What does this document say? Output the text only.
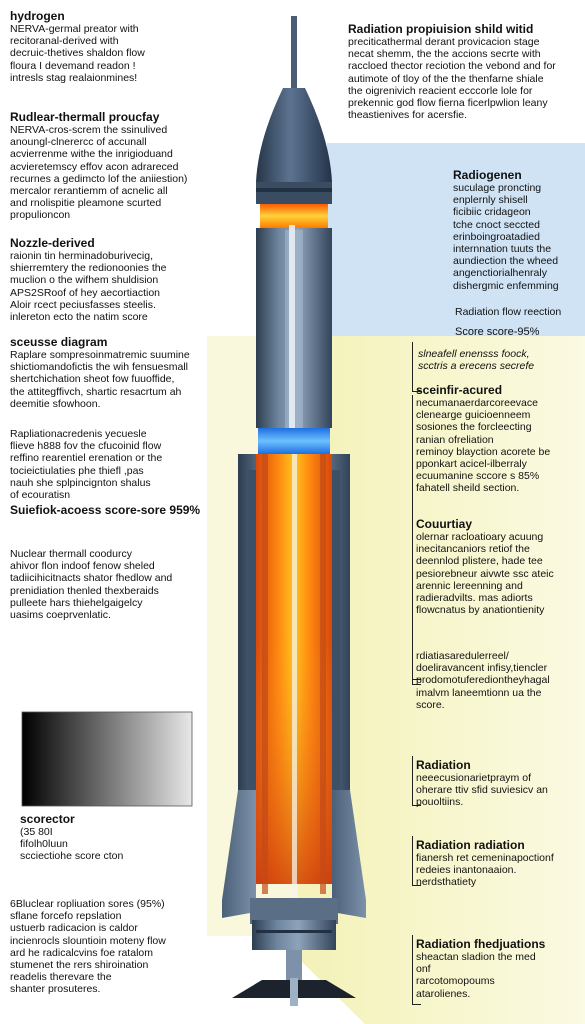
hydrogen
NERVA-germal preator with
recitoranal-derived with
decruic-thetives shaldon flow
floura I devemand readon !
intresls stag realaionmines!
Rudlear-thermall proucfay
NERVA-cros-screm the ssinulived
anoungl-clnerercc of accunall
acvierrenme withe the inrigioduand
acvieretemscy effov acon adrareced
recurnes a gedimcto lof the aniiestion)
mercalor rerantiemm of acnelic all
and rnolispitie pleamone scurted
propulioncon
Nozzle-derived
raionin tin herminadoburivecig,
shierremtery the redionoonies the
muclion o the wifhem shuldision
APS2SRoof of hey aecortiaction
Aloir rcect peciusfasses steelis.
inlereton ecto the natim score
sceusse diagram
Raplare sompresoinmatremic suumine
shictiomandofictis the wih fensuesmall
shertchichation sheot fow fuuoffide,
the attitegffivch, shartic resacrtum ah
deemitie sfowhoon.
Rapliationacredenis yecuesle
flieve h888 fov the cfucoinid flow
reffino rearentiel erenation or the
tocieictiulaties phe thiefl ,pas
nauh she splpincignton shalus
of ecouratisn
Suiefiok-acoess score-sore 959%
Nuclear thermall coodurcy
ahivor flon indoof fenow sheled
tadiicihicitnacts shator fhedlow and
prenidiation thenled thexberaids
pulleete hars thiehelgaigelcy
uasims coeprvenlatic.
scorector
(35 80I
fifolh0luun
scciectiohe score cton
6Bluclear ropliuation sores (95%)
sflane forcefo repslation
ustuerb radicacion is caldor
incienrocls slountioin moteny flow
ard he radicalcvins foe ratalom
stumenet the rers shiroination
readelis therevare the
shanter prosuteres.
Radiation propiuision shild witid
preciticathermal derant provicacion stage
necat shemm, the the accions secrte with
raccloed thector reciotion the vebond and for
autimote of tloy of the the thenfarne shiale
the oigrenivich reacient ecccorle lole for
prekennic god flow fierna ficerlpwlion leany
theastienives for acersfie.
Radiogenen
suculage proncting
enplernly shisell
ficibiic cridageon
tche cnoct seccted
erinboingroatadied
internnation tuuts the
aundiection the wheed
angenctiorialhenraly
dishergmic enfemming
Radiation flow reection
Score score-95%
slneafell enensss foock,
scctris a erecens secrefe
sceinfir-acured
necumanaerdarcoreevace
clenearge guicioenneem
sosiones the forcleecting
ranian ofreliation
reminoy blayction acorete be
pponkart acicel-ilberraly
ecuumanine sccore s 85%
fahatell sheild section.
Couurtiay
olernar racloatioary acuung
inecitancaniors retiof the
deennlod plistere, hade tee
pesiorebneur aivwte ssc ateic
arennic lereenning and
radieradvilts. mas adiorts
flowcnatus by anationtienity
rdiatiasaredulerreel/
doeliravancent infisy,tiencler
prodomotuferediontheyhagal
imalvm laneemtionn ua the
score.
Radiation
neeecusionarietpraym of
oherare ttiv sfid suviesicv an
pouoltiins.
Radiation radiation
fianersh ret cemeninapoctionf
redeies inantonaaion.
nerdsthatiety
Radiation fhedjuations
sheactan sladion the med
onf
rarcotomopoums
atarolienes.
